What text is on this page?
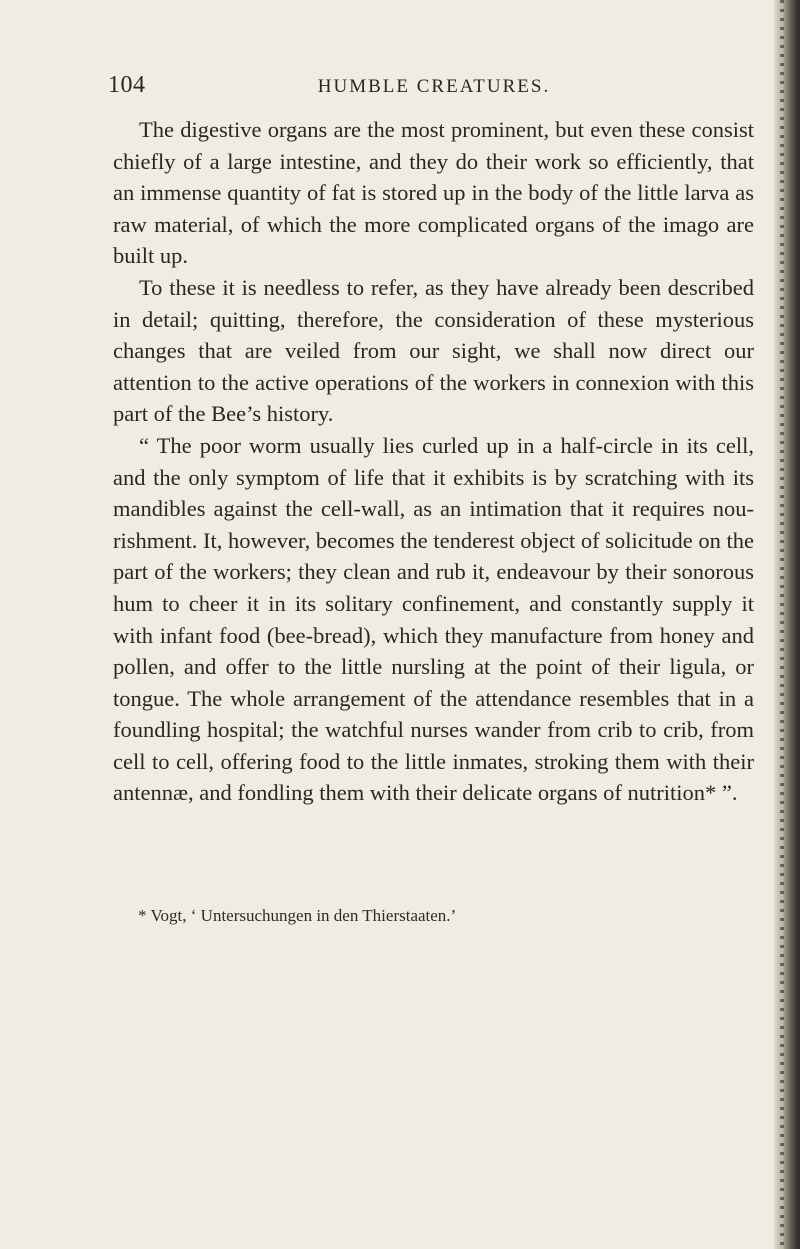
104	HUMBLE CREATURES.

The digestive organs are the most prominent, but even these consist chiefly of a large intestine, and they do their work so efficiently, that an immense quantity of fat is stored up in the body of the little larva as raw material, of which the more complicated organs of the imago are built up.

To these it is needless to refer, as they have already been described in detail; quitting, therefore, the consideration of these mysterious changes that are veiled from our sight, we shall now direct our attention to the active operations of the workers in connexion with this part of the Bee’s history.

“ The poor worm usually lies curled up in a half-circle in its cell, and the only symptom of life that it exhibits is by scratching with its mandibles against the cell-wall, as an intimation that it requires nourishment. It, however, becomes the tenderest object of solicitude on the part of the workers; they clean and rub it, endeavour by their sonorous hum to cheer it in its solitary confinement, and constantly supply it with infant food (bee-bread), which they manufacture from honey and pollen, and offer to the little nursling at the point of their ligula, or tongue. The whole arrangement of the attendance resembles that in a foundling hospital; the watchful nurses wander from crib to crib, from cell to cell, offering food to the little inmates, stroking them with their antennæ, and fondling them with their delicate organs of nutrition* ”.

* Vogt, ‘ Untersuchungen in den Thierstaaten.’
